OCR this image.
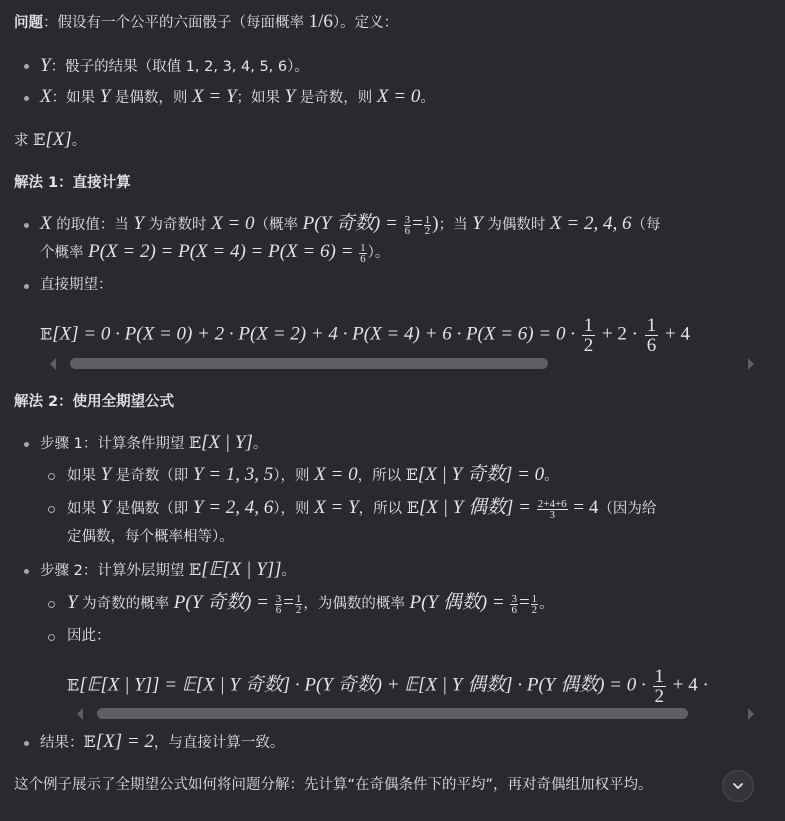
问题：假设有一个公平的六面骰子（每面概率 1/6）。定义：
Y：骰子的结果（取值 1, 2, 3, 4, 5, 6）。
X：如果 Y 是偶数，则 X = Y；如果 Y 是奇数，则 X = 0。
求 𝔼[X]。
解法 1：直接计算
X 的取值：当 Y 为奇数时 X = 0（概率 P(Y 奇数) = $\frac{3}{6} = \frac{1}{2}$ )；当 Y 为偶数时 X = 2, 4, 6（每
个概率 $P(X = 2) = P(X = 4) = P(X = 6) = \frac{1}{6}$ ）。
直接期望：
𝔼[X] = $0 \cdot P(X = 0) + 2 \cdot P(X = 2) + 4 \cdot P(X = 4) + 6 \cdot P(X = 6) = 0 \cdot \frac{1}{2} + 2 \cdot \frac{1}{6} + 4$
解法 2：使用全期望公式
步骤 1：计算条件期望 𝔼[X | Y]。
如果 Y 是奇数（即 Y = 1, 3, 5），则 X = 0，所以 𝔼[X | Y 奇数] = 0。
如果 Y 是偶数（即 Y = 2, 4, 6），则 X = Y，所以 𝔼[X | Y 偶数] = $\frac{2+4+6}{3} = 4$（因为给
定偶数，每个概率相等）。
步骤 2：计算外层期望 𝔼[𝔼[X | Y]]。
Y 为奇数的概率 P(Y 奇数) = $\frac{3}{6} = \frac{1}{2}$ ，为偶数的概率 P(Y 偶数) = $\frac{3}{6} = \frac{1}{2}$ 。
因此：
𝔼[𝔼[X | Y]] = 𝔼[X | Y 奇数] · P(Y 奇数) + 𝔼[X | Y 偶数] · P(Y 偶数) = $0 \cdot \frac{1}{2} + 4$ ·
结果：𝔼[X] = 2，与直接计算一致。
这个例子展示了全期望公式如何将问题分解：先计算“在奇偶条件下的平均”，再对奇偶组加权平均。
